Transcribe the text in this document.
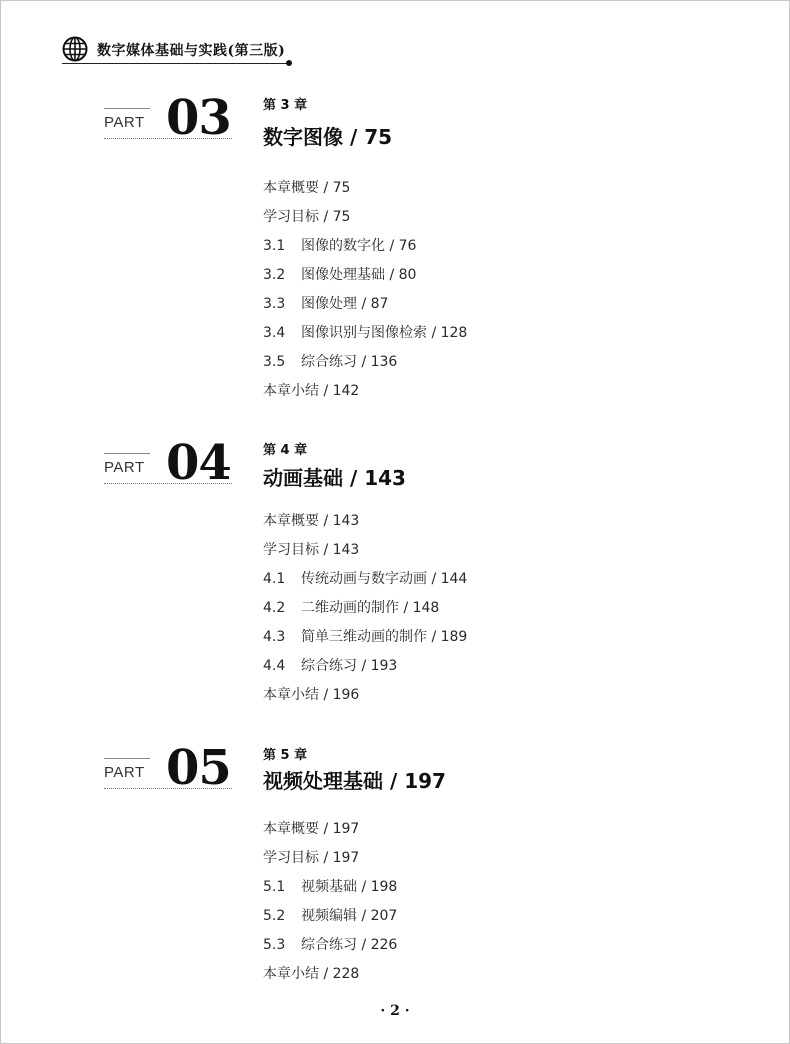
数字媒体基础与实践(第三版)
PART 03 第 3 章
数字图像 / 75
本章概要 / 75
学习目标 / 75
3.1 图像的数字化 / 76
3.2 图像处理基础 / 80
3.3 图像处理 / 87
3.4 图像识别与图像检索 / 128
3.5 综合练习 / 136
本章小结 / 142
PART 04 第 4 章
动画基础 / 143
本章概要 / 143
学习目标 / 143
4.1 传统动画与数字动画 / 144
4.2 二维动画的制作 / 148
4.3 简单三维动画的制作 / 189
4.4 综合练习 / 193
本章小结 / 196
PART 05 第 5 章
视频处理基础 / 197
本章概要 / 197
学习目标 / 197
5.1 视频基础 / 198
5.2 视频编辑 / 207
5.3 综合练习 / 226
本章小结 / 228
· 2 ·
